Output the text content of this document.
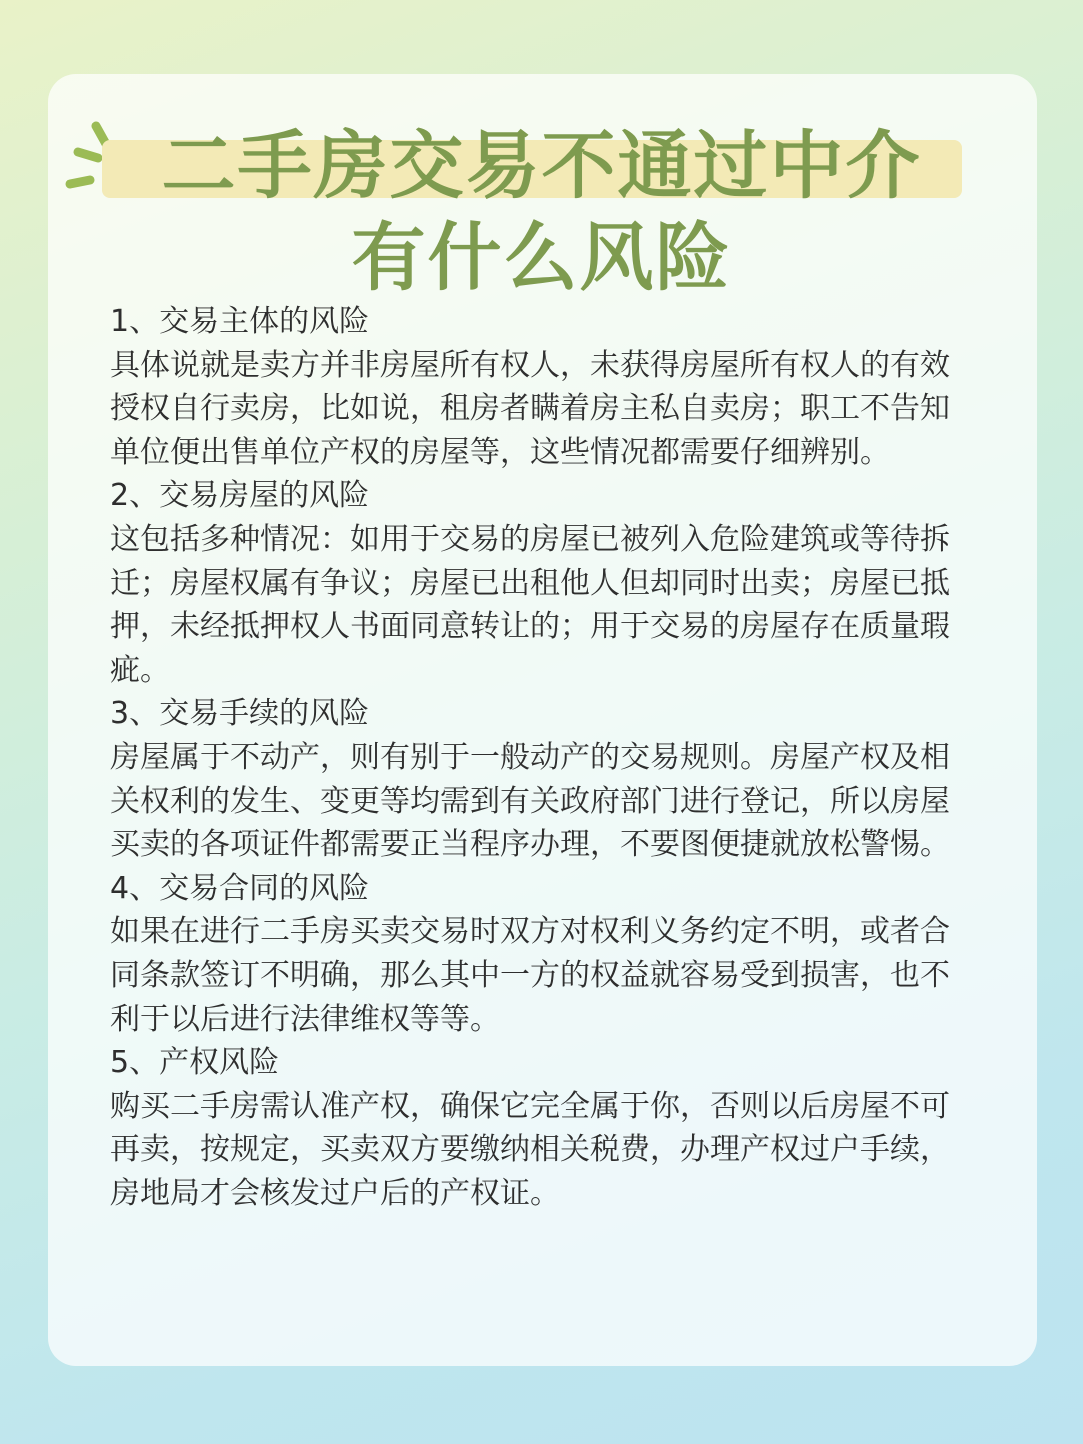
二手房交易不通过中介
有什么风险

1、交易主体的风险

具体说就是卖方并非房屋所有权人，未获得房屋所有权人的有效授权自行卖房，比如说，租房者瞒着房主私自卖房；职工不告知单位便出售单位产权的房屋等，这些情况都需要仔细辨别。

2、交易房屋的风险

这包括多种情况：如用于交易的房屋已被列入危险建筑或等待拆迁；房屋权属有争议；房屋已出租他人但却同时出卖；房屋已抵押，未经抵押权人书面同意转让的；用于交易的房屋存在质量瑕疵。

3、交易手续的风险

房屋属于不动产，则有别于一般动产的交易规则。房屋产权及相关权利的发生、变更等均需到有关政府部门进行登记，所以房屋买卖的各项证件都需要正当程序办理，不要图便捷就放松警惕。

4、交易合同的风险

如果在进行二手房买卖交易时双方对权利义务约定不明，或者合同条款签订不明确，那么其中一方的权益就容易受到损害，也不利于以后进行法律维权等等。

5、产权风险

购买二手房需认准产权，确保它完全属于你，否则以后房屋不可再卖，按规定，买卖双方要缴纳相关税费，办理产权过户手续，房地局才会核发过户后的产权证。
